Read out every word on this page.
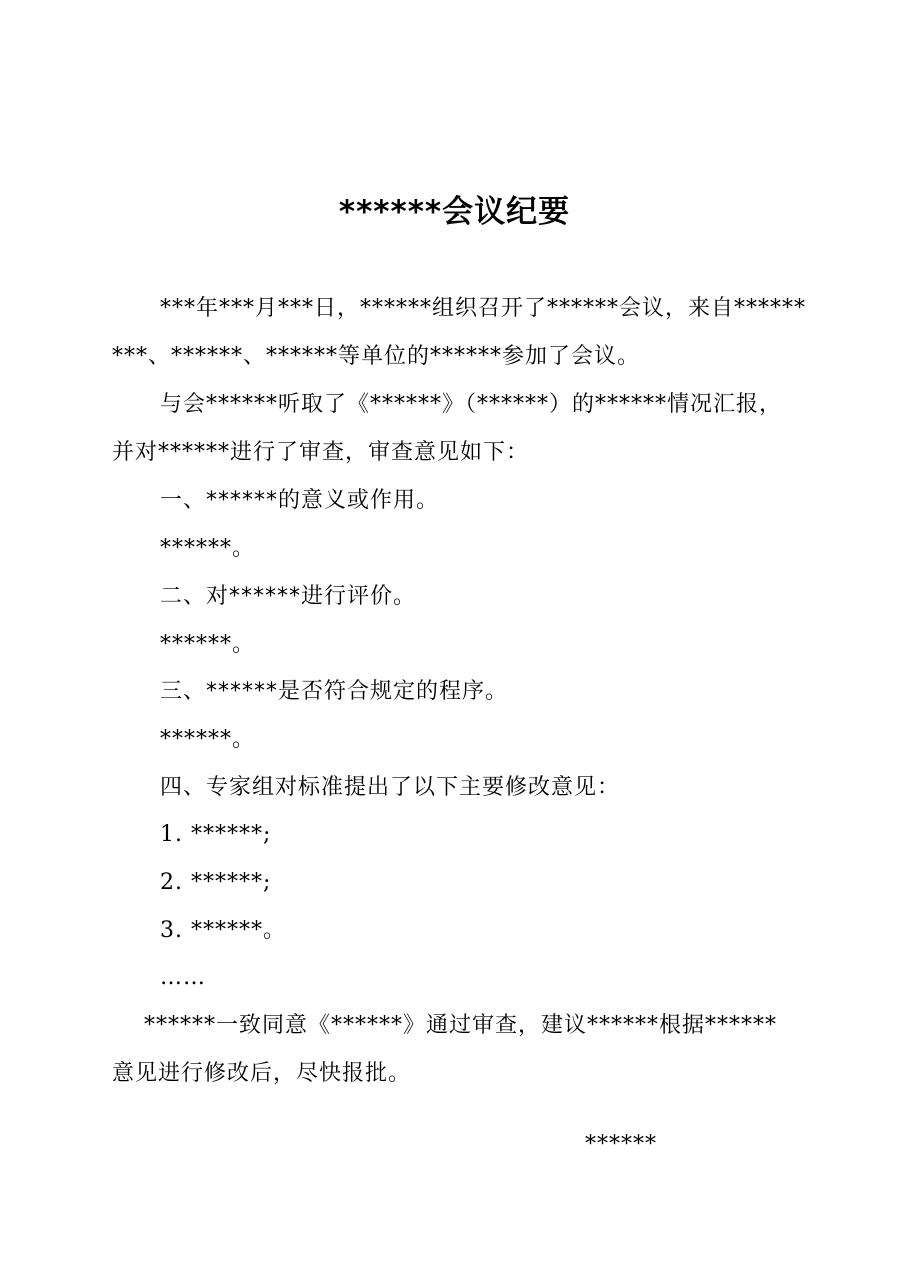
******会议纪要
***年***月***日，******组织召开了******会议，来自******
***、******、******等单位的******参加了会议。
与会******听取了《******》（******）的******情况汇报，
并对******进行了审查，审查意见如下：
一、******的意义或作用。
******。
二、对******进行评价。
******。
三、******是否符合规定的程序。
******。
四、专家组对标准提出了以下主要修改意见：
1. ******;
2. ******;
3. ******。
……
******一致同意《******》通过审查，建议******根据******
意见进行修改后，尽快报批。
******
